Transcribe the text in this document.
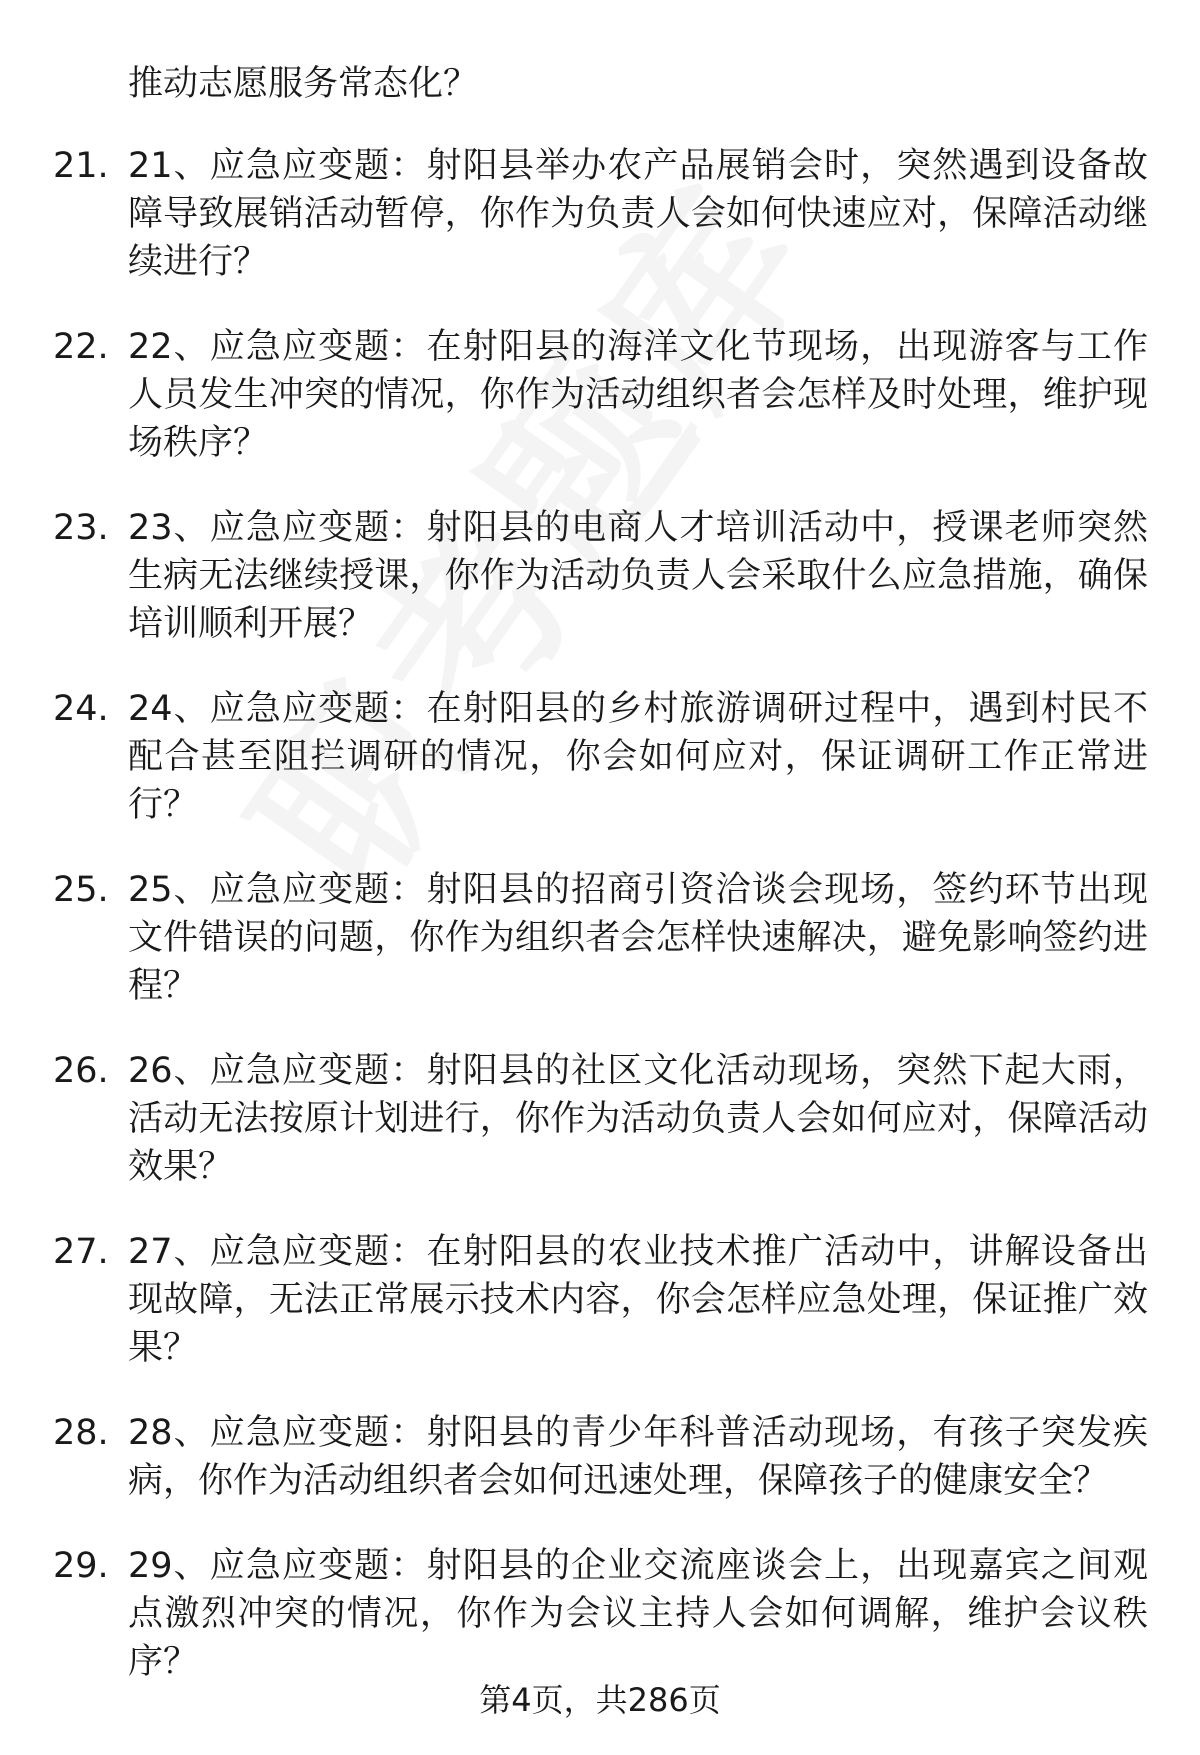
推动志愿服务常态化？
21. 21、应急应变题：射阳县举办农产品展销会时，突然遇到设备故障导致展销活动暂停，你作为负责人会如何快速应对，保障活动继续进行？
22. 22、应急应变题：在射阳县的海洋文化节现场，出现游客与工作人员发生冲突的情况，你作为活动组织者会怎样及时处理，维护现场秩序？
23. 23、应急应变题：射阳县的电商人才培训活动中，授课老师突然生病无法继续授课，你作为活动负责人会采取什么应急措施，确保培训顺利开展？
24. 24、应急应变题：在射阳县的乡村旅游调研过程中，遇到村民不配合甚至阻拦调研的情况，你会如何应对，保证调研工作正常进行？
25. 25、应急应变题：射阳县的招商引资洽谈会现场，签约环节出现文件错误的问题，你作为组织者会怎样快速解决，避免影响签约进程？
26. 26、应急应变题：射阳县的社区文化活动现场，突然下起大雨，活动无法按原计划进行，你作为活动负责人会如何应对，保障活动效果？
27. 27、应急应变题：在射阳县的农业技术推广活动中，讲解设备出现故障，无法正常展示技术内容，你会怎样应急处理，保证推广效果？
28. 28、应急应变题：射阳县的青少年科普活动现场，有孩子突发疾病，你作为活动组织者会如何迅速处理，保障孩子的健康安全？
29. 29、应急应变题：射阳县的企业交流座谈会上，出现嘉宾之间观点激烈冲突的情况，你作为会议主持人会如何调解，维护会议秩序？
第4页，共286页
